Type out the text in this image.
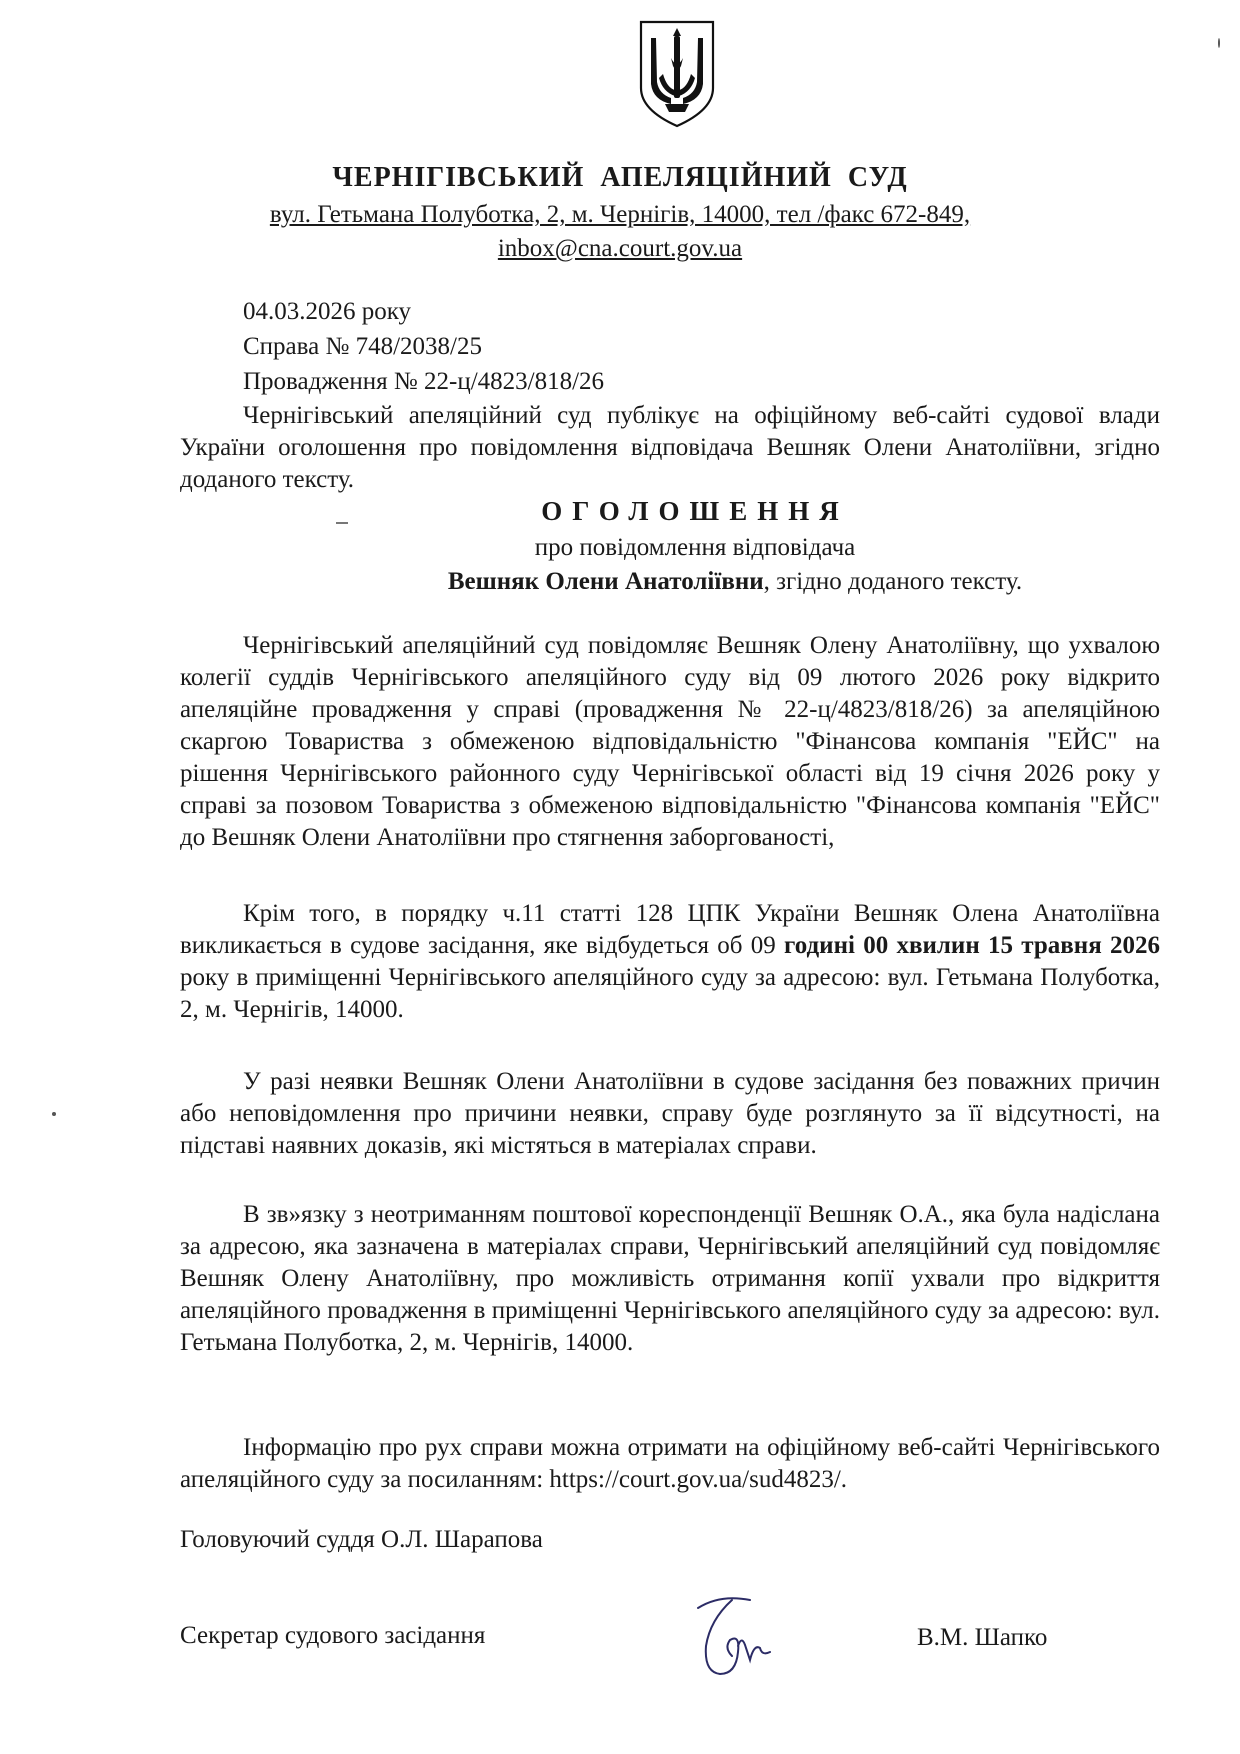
ЧЕРНІГІВСЬКИЙ АПЕЛЯЦІЙНИЙ СУД
вул. Гетьмана Полуботка, 2, м. Чернігів, 14000, тел /факс 672-849,
inbox@cna.court.gov.ua
04.03.2026 року
Справа № 748/2038/25
Провадження № 22-ц/4823/818/26
Чернігівський апеляційний суд публікує на офіційному веб-сайті судової влади України оголошення про повідомлення відповідача Вешняк Олени Анатоліївни, згідно доданого тексту.
ОГОЛОШЕННЯ
про повідомлення відповідача
Вешняк Олени Анатоліївни, згідно доданого тексту.
Чернігівський апеляційний суд повідомляє Вешняк Олену Анатоліївну, що ухвалою колегії суддів Чернігівського апеляційного суду від 09 лютого 2026 року відкрито апеляційне провадження у справі (провадження № 22-ц/4823/818/26) за апеляційною скаргою Товариства з обмеженою відповідальністю "Фінансова компанія "ЕЙС" на рішення Чернігівського районного суду Чернігівської області від 19 січня 2026 року у справі за позовом Товариства з обмеженою відповідальністю "Фінансова компанія "ЕЙС" до Вешняк Олени Анатоліївни про стягнення заборгованості,
Крім того, в порядку ч.11 статті 128 ЦПК України Вешняк Олена Анатоліївна викликається в судове засідання, яке відбудеться об 09 годині 00 хвилин 15 травня 2026 року в приміщенні Чернігівського апеляційного суду за адресою: вул. Гетьмана Полуботка, 2, м. Чернігів, 14000.
У разі неявки Вешняк Олени Анатоліївни в судове засідання без поважних причин або неповідомлення про причини неявки, справу буде розглянуто за її відсутності, на підставі наявних доказів, які містяться в матеріалах справи.
В зв»язку з неотриманням поштової кореспонденції Вешняк О.А., яка була надіслана за адресою, яка зазначена в матеріалах справи, Чернігівський апеляційний суд повідомляє Вешняк Олену Анатоліївну, про можливість отримання копії ухвали про відкриття апеляційного провадження в приміщенні Чернігівського апеляційного суду за адресою: вул. Гетьмана Полуботка, 2, м. Чернігів, 14000.
Інформацію про рух справи можна отримати на офіційному веб-сайті Чернігівського апеляційного суду за посиланням: https://court.gov.ua/sud4823/.
Головуючий суддя О.Л. Шарапова
Секретар судового засідання	В.М. Шапко
